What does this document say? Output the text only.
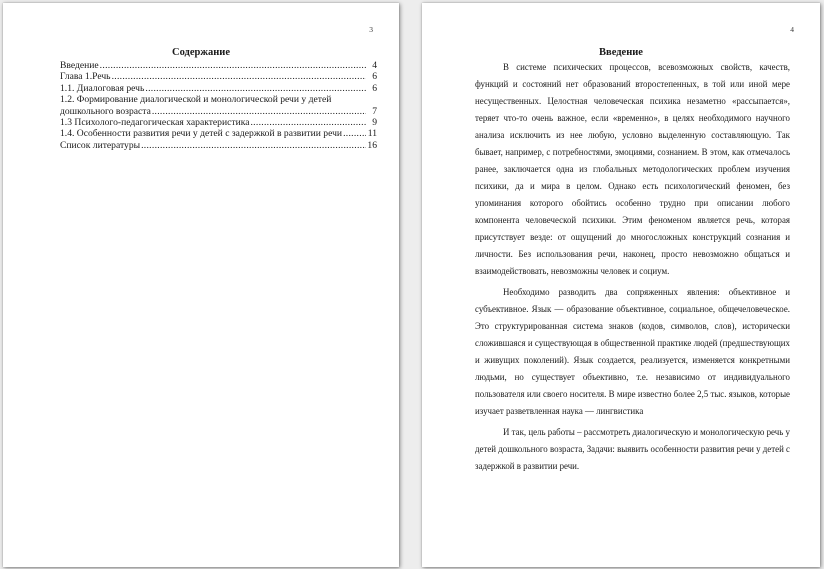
3
Содержание
Введение .....	4
Глава 1.Речь .....	6
1.1. Диалоговая речь .....	6
1.2. Формирование диалогической и монологической речи у детей
дошкольного возраста .....	7
1.3 Психолого-педагогическая характеристика .....	9
1.4. Особенности развития речи у детей с задержкой в развитии речи .....	11
Список литературы .....	16
4
Введение

В системе психических процессов, всевозможных свойств, качеств, функций и состояний нет образований второстепенных, в той или иной мере несущественных. Целостная человеческая психика незаметно «рассыпается», теряет что-то очень важное, если «временно», в целях необходимого научного анализа исключить из нее любую, условно выделенную составляющую. Так бывает, например, с потребностями, эмоциями, сознанием. В этом, как отмечалось ранее, заключается одна из глобальных методологических проблем изучения психики, да и мира в целом. Однако есть психологический феномен, без упоминания которого обойтись особенно трудно при описании любого компонента человеческой психики. Этим феноменом является речь, которая присутствует везде: от ощущений до многосложных конструкций сознания и личности. Без использования речи, наконец, просто невозможно общаться и взаимодействовать, невозможны человек и социум.

Необходимо разводить два сопряженных явления: объективное и субъективное. Язык — образование объективное, социальное, общечеловеческое. Это структурированная система знаков (кодов, символов, слов), исторически сложившаяся и существующая в общественной практике людей (предшествующих и живущих поколений). Язык создается, реализуется, изменяется конкретными людьми, но существует объективно, т.е. независимо от индивидуального пользователя или своего носителя. В мире известно более 2,5 тыс. языков, которые изучает разветвленная наука — лингвистика

И так, цель работы – рассмотреть диалогическую и монологическую речь у детей дошкольного возраста, Задачи: выявить особенности развития речи у детей с задержкой в развитии речи.
